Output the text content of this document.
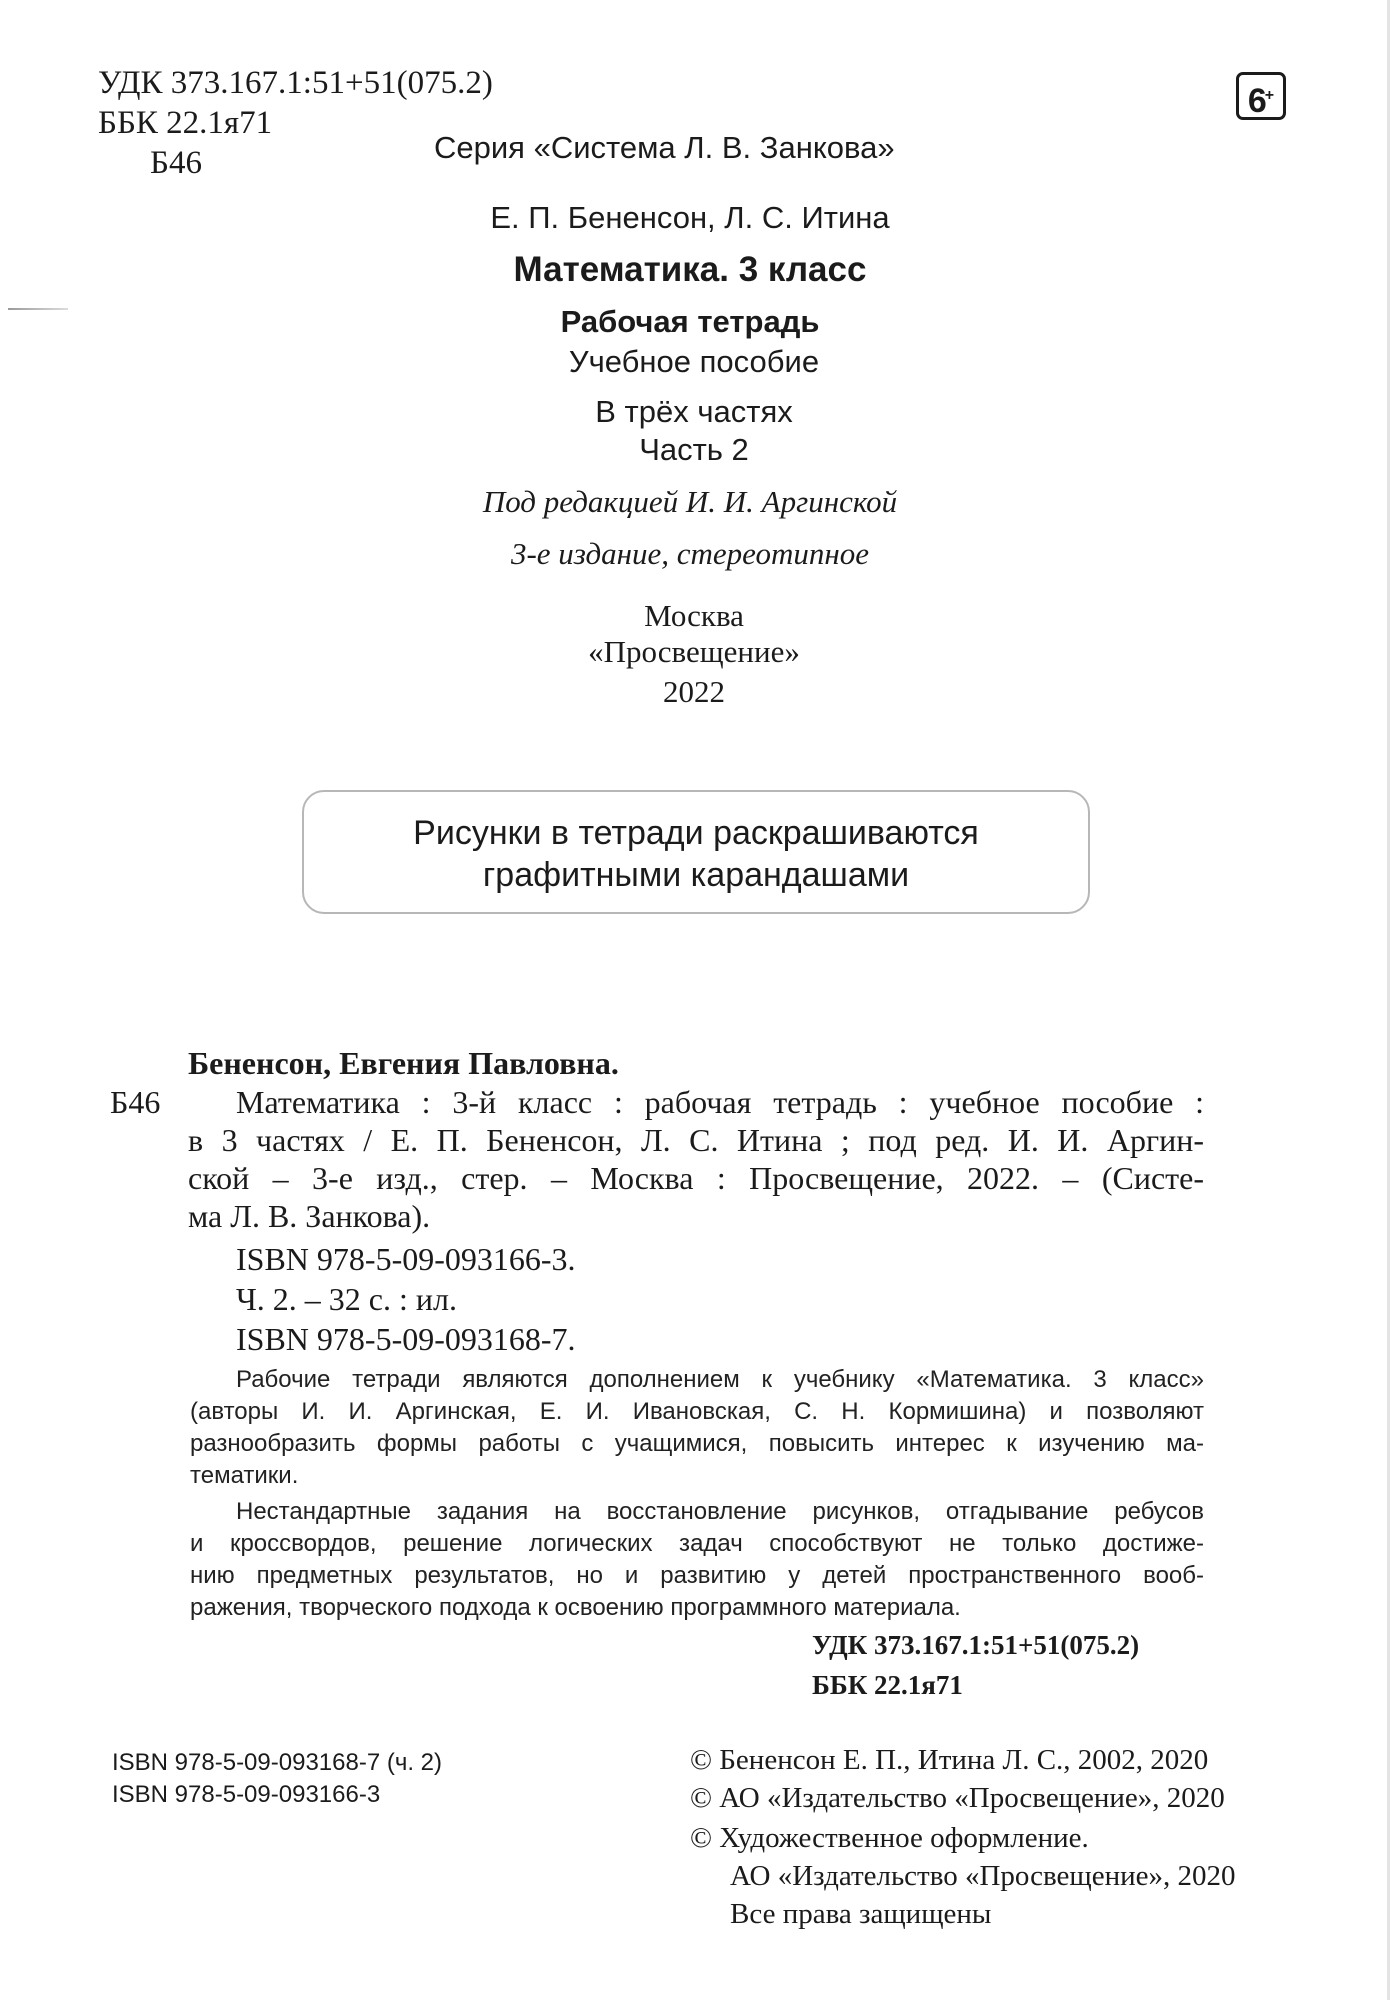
УДК 373.167.1:51+51(075.2)
ББК 22.1я71
Б46
6+
Серия «Система Л. В. Занкова»
Е. П. Бененсон, Л. С. Итина
Математика. 3 класс
Рабочая тетрадь
Учебное пособие
В трёх частях
Часть 2
Под редакцией И. И. Аргинской
3-е издание, стереотипное
Москва
«Просвещение»
2022
Рисунки в тетради раскрашиваются
графитными карандашами
Бененсон, Евгения Павловна.
Б46 Математика : 3-й класс : рабочая тетрадь : учебное пособие :
в 3 частях / Е. П. Бененсон, Л. С. Итина ; под ред. И. И. Аргин-
ской – 3-е изд., стер. – Москва : Просвещение, 2022. – (Систе-
ма Л. В. Занкова).
ISBN 978-5-09-093166-3.
Ч. 2. – 32 с. : ил.
ISBN 978-5-09-093168-7.
Рабочие тетради являются дополнением к учебнику «Математика. 3 класс»
(авторы И. И. Аргинская, Е. И. Ивановская, С. Н. Кормишина) и позволяют
разнообразить формы работы с учащимися, повысить интерес к изучению ма-
тематики.
Нестандартные задания на восстановление рисунков, отгадывание ребусов
и кроссвордов, решение логических задач способствуют не только достиже-
нию предметных результатов, но и развитию у детей пространственного вооб-
ражения, творческого подхода к освоению программного материала.
УДК 373.167.1:51+51(075.2)
ББК 22.1я71
ISBN 978-5-09-093168-7 (ч. 2)
ISBN 978-5-09-093166-3
© Бененсон Е. П., Итина Л. С., 2002, 2020
© АО «Издательство «Просвещение», 2020
© Художественное оформление.
АО «Издательство «Просвещение», 2020
Все права защищены
